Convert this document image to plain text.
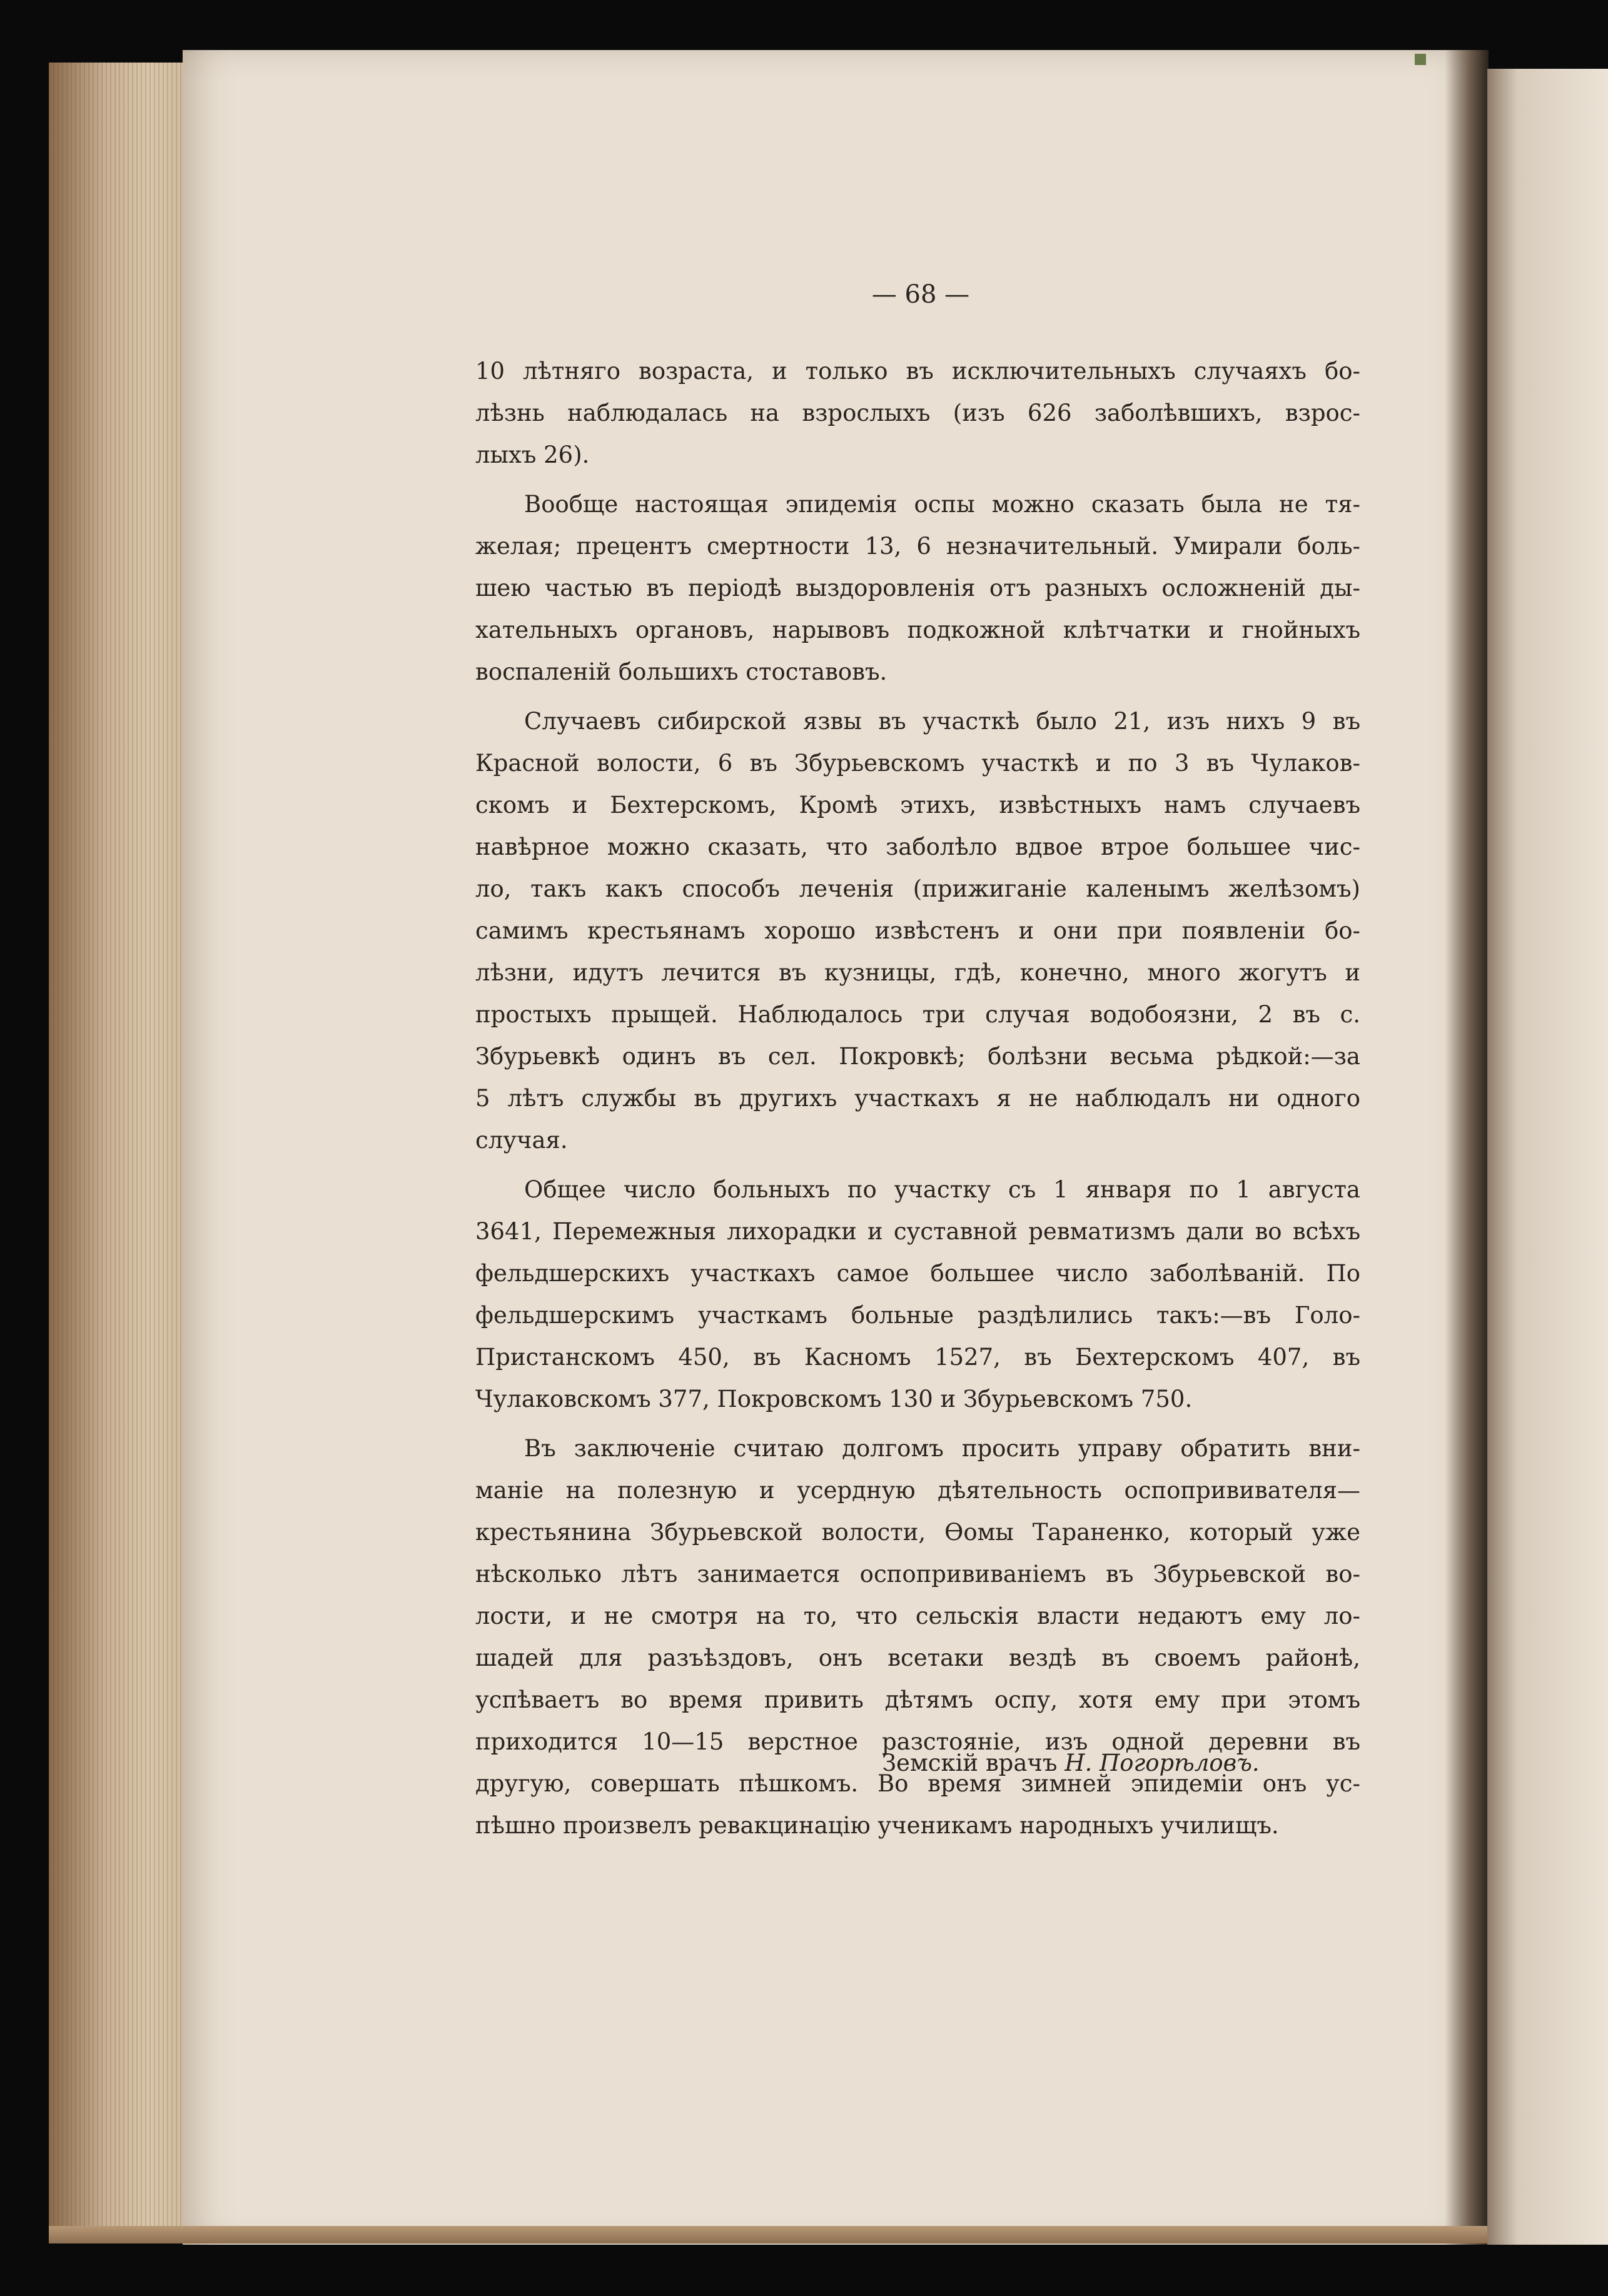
— 68 —
10 лѣтняго возраста, и только въ исключительныхъ случаяхъ бо-
лѣзнь наблюдалась на взрослыхъ (изъ 626 заболѣвшихъ, взрос-
лыхъ 26).
Вообще настоящая эпидемія оспы можно сказать была не тя-
желая; прецентъ смертности 13, 6 незначительный. Умирали боль-
шею частью въ періодѣ выздоровленія отъ разныхъ осложненій ды-
хательныхъ органовъ, нарывовъ подкожной клѣтчатки и гнойныхъ
воспаленій большихъ стоставовъ.
Случаевъ сибирской язвы въ участкѣ было 21, изъ нихъ 9 въ
Красной волости, 6 въ Збурьевскомъ участкѣ и по 3 въ Чулаков-
скомъ и Бехтерскомъ, Кромѣ этихъ, извѣстныхъ намъ случаевъ
навѣрное можно сказать, что заболѣло вдвое втрое большее чис-
ло, такъ какъ способъ леченія (прижиганіе каленымъ желѣзомъ)
самимъ крестьянамъ хорошо извѣстенъ и они при появленіи бо-
лѣзни, идутъ лечится въ кузницы, гдѣ, конечно, много жогутъ и
простыхъ прыщей. Наблюдалось три случая водобоязни, 2 въ с.
Збурьевкѣ одинъ въ сел. Покровкѣ; болѣзни весьма рѣдкой:—за
5 лѣтъ службы въ другихъ участкахъ я не наблюдалъ ни одного
случая.
Общее число больныхъ по участку съ 1 января по 1 августа
3641, Перемежныя лихорадки и суставной ревматизмъ дали во всѣхъ
фельдшерскихъ участкахъ самое большее число заболѣваній. По
фельдшерскимъ участкамъ больные раздѣлились такъ:—въ Голо-
Пристанскомъ 450, въ Касномъ 1527, въ Бехтерскомъ 407, въ
Чулаковскомъ 377, Покровскомъ 130 и Збурьевскомъ 750.
Въ заключеніе считаю долгомъ просить управу обратить вни-
маніе на полезную и усердную дѣятельность оспопрививателя—
крестьянина Збурьевской волости, Ѳомы Тараненко, который уже
нѣсколько лѣтъ занимается оспопрививаніемъ въ Збурьевской во-
лости, и не смотря на то, что сельскія власти недаютъ ему ло-
шадей для разъѣздовъ, онъ всетаки вездѣ въ своемъ районѣ,
успѣваетъ во время привить дѣтямъ оспу, хотя ему при этомъ
приходится 10—15 верстное разстояніе, изъ одной деревни въ
другую, совершать пѣшкомъ. Во время зимней эпидеміи онъ ус-
пѣшно произвелъ ревакцинацію ученикамъ народныхъ училищъ.
Земскій врачъ Н. Погорѣловъ.
